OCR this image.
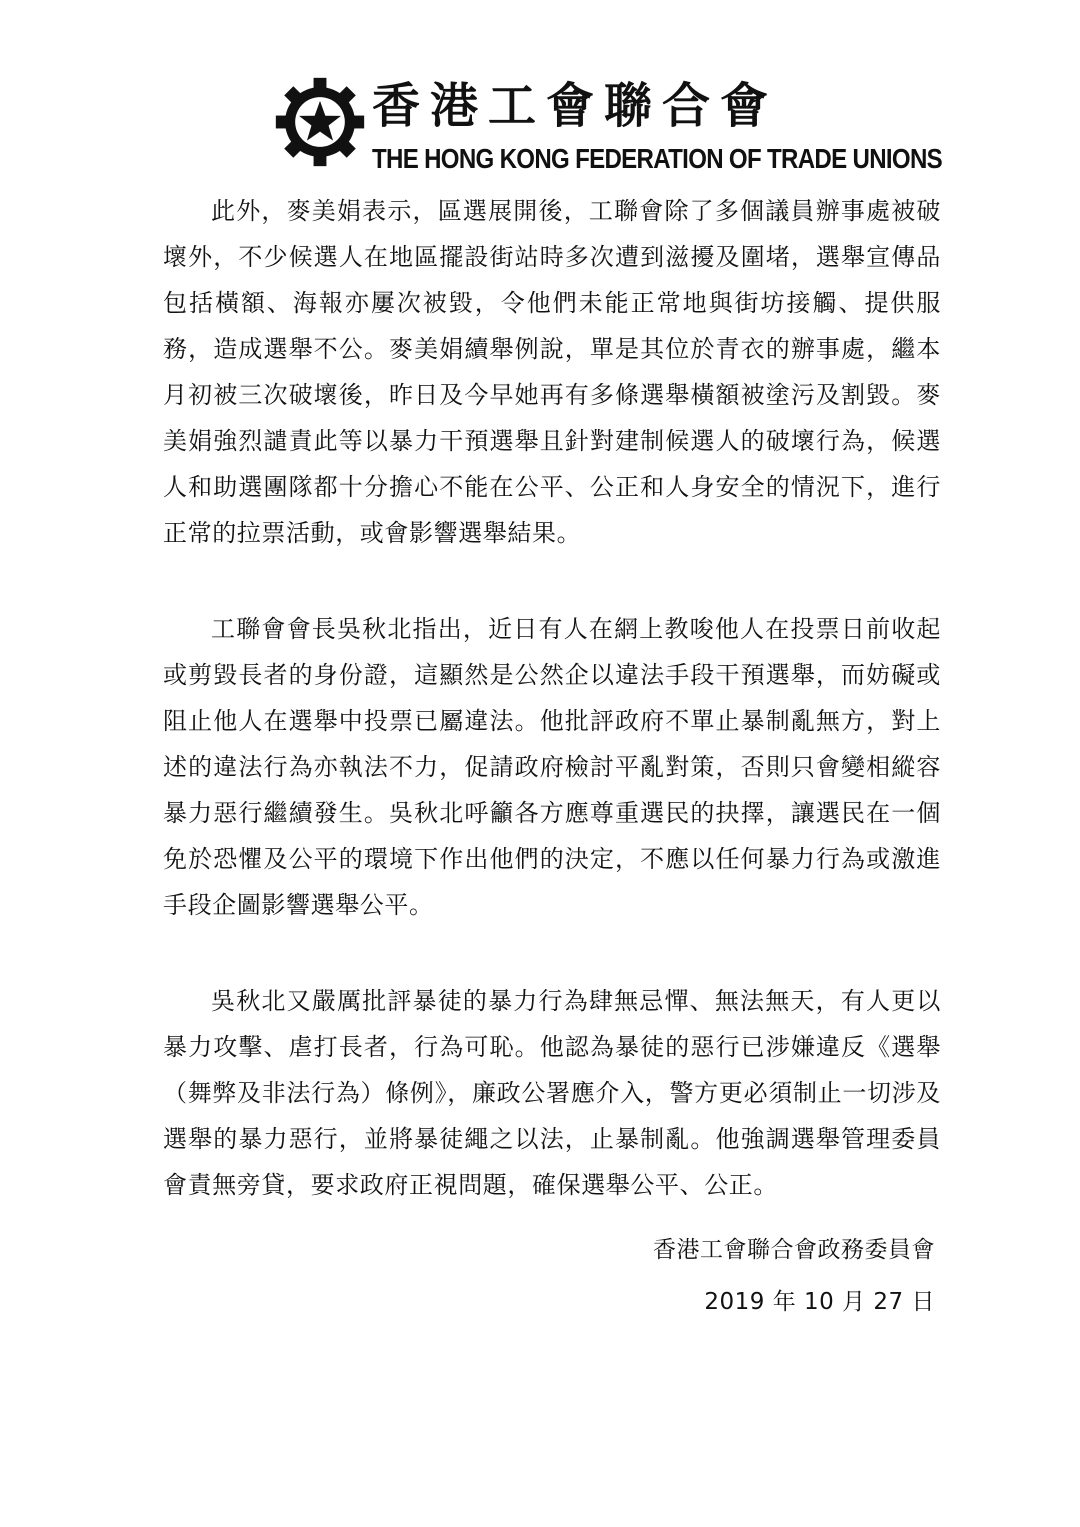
香港工會聯合會
THE HONG KONG FEDERATION OF TRADE UNIONS

此外，麥美娟表示，區選展開後，工聯會除了多個議員辦事處被破壞外，不少候選人在地區擺設街站時多次遭到滋擾及圍堵，選舉宣傳品包括橫額、海報亦屢次被毀，令他們未能正常地與街坊接觸、提供服務，造成選舉不公。麥美娟續舉例說，單是其位於青衣的辦事處，繼本月初被三次破壞後，昨日及今早她再有多條選舉橫額被塗污及割毀。麥美娟強烈譴責此等以暴力干預選舉且針對建制候選人的破壞行為，候選人和助選團隊都十分擔心不能在公平、公正和人身安全的情況下，進行正常的拉票活動，或會影響選舉結果。

工聯會會長吳秋北指出，近日有人在網上教唆他人在投票日前收起或剪毀長者的身份證，這顯然是公然企以違法手段干預選舉，而妨礙或阻止他人在選舉中投票已屬違法。他批評政府不單止暴制亂無方，對上述的違法行為亦執法不力，促請政府檢討平亂對策，否則只會變相縱容暴力惡行繼續發生。吳秋北呼籲各方應尊重選民的抉擇，讓選民在一個免於恐懼及公平的環境下作出他們的決定，不應以任何暴力行為或激進手段企圖影響選舉公平。

吳秋北又嚴厲批評暴徒的暴力行為肆無忌憚、無法無天，有人更以暴力攻擊、虐打長者，行為可恥。他認為暴徒的惡行已涉嫌違反《選舉（舞弊及非法行為）條例》，廉政公署應介入，警方更必須制止一切涉及選舉的暴力惡行，並將暴徒繩之以法，止暴制亂。他強調選舉管理委員會責無旁貸，要求政府正視問題，確保選舉公平、公正。

香港工會聯合會政務委員會
2019 年 10 月 27 日
